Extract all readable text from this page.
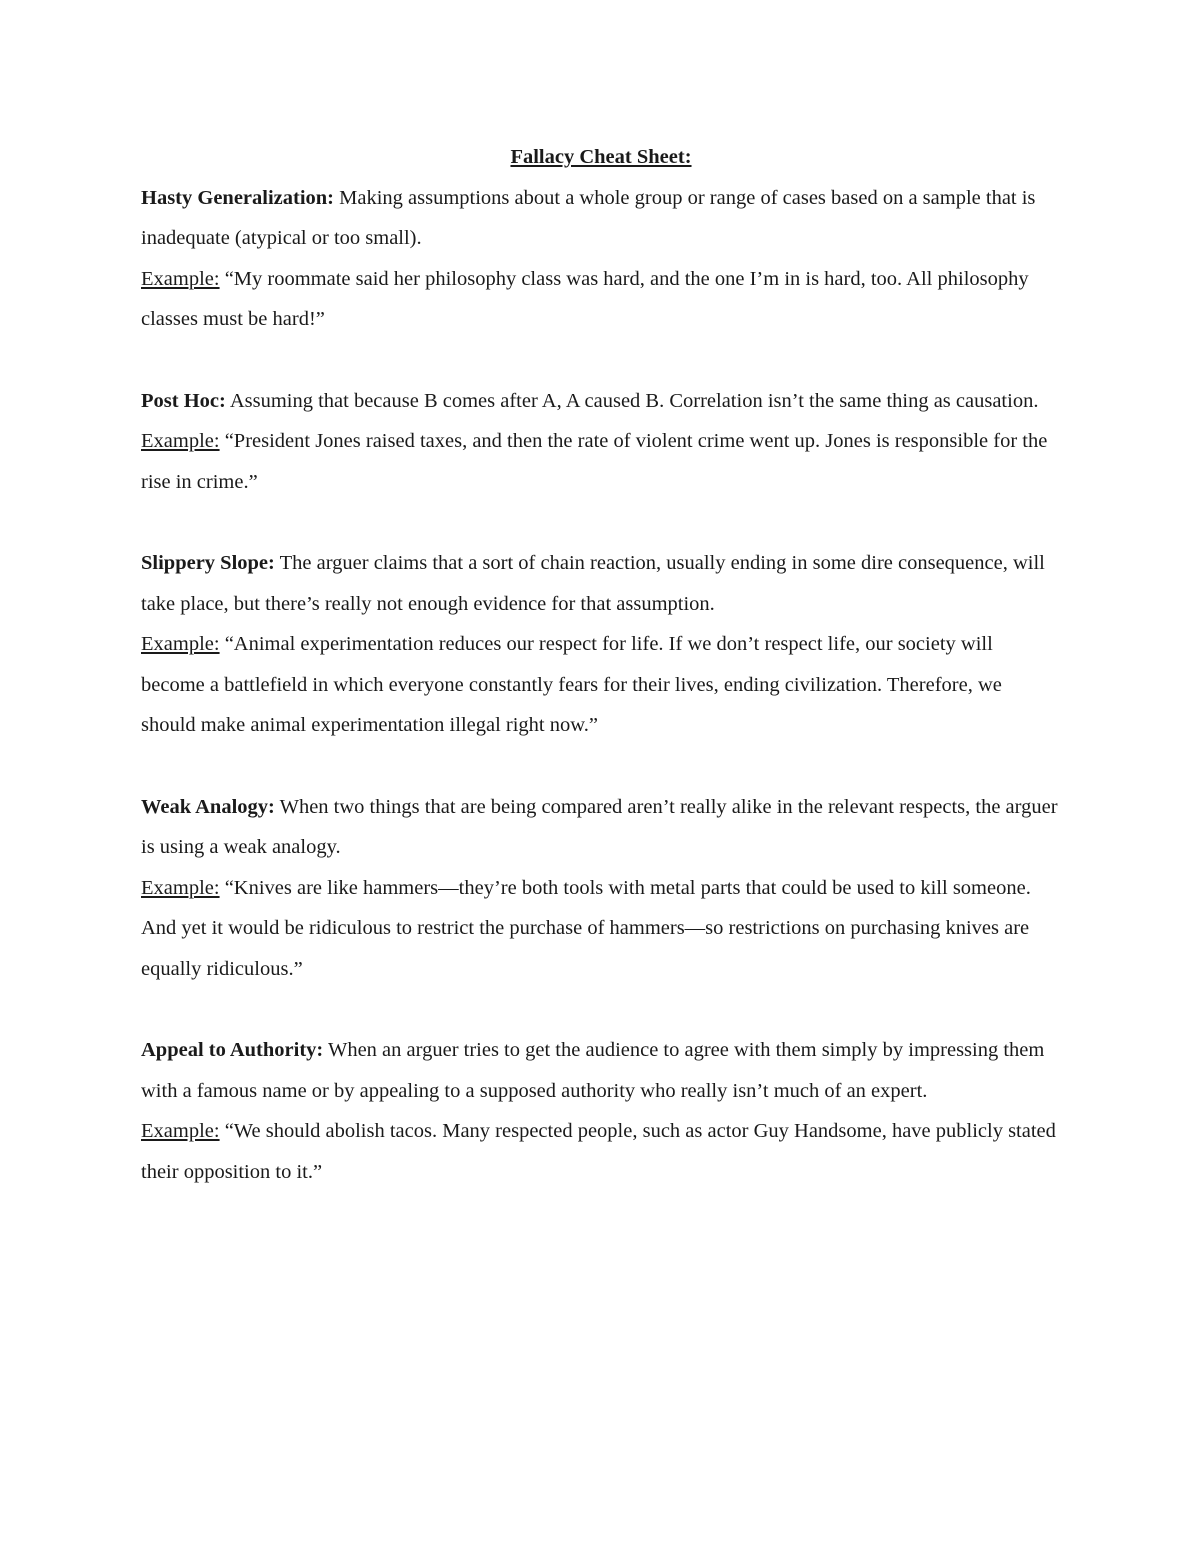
Fallacy Cheat Sheet:

Hasty Generalization: Making assumptions about a whole group or range of cases based on a sample that is inadequate (atypical or too small).

Example: “My roommate said her philosophy class was hard, and the one I’m in is hard, too. All philosophy classes must be hard!”

Post Hoc: Assuming that because B comes after A, A caused B. Correlation isn’t the same thing as causation.

Example: “President Jones raised taxes, and then the rate of violent crime went up. Jones is responsible for the rise in crime.”

Slippery Slope: The arguer claims that a sort of chain reaction, usually ending in some dire consequence, will take place, but there’s really not enough evidence for that assumption.

Example: “Animal experimentation reduces our respect for life. If we don’t respect life, our society will become a battlefield in which everyone constantly fears for their lives, ending civilization. Therefore, we should make animal experimentation illegal right now.”

Weak Analogy: When two things that are being compared aren’t really alike in the relevant respects, the arguer is using a weak analogy.

Example: “Knives are like hammers—they’re both tools with metal parts that could be used to kill someone. And yet it would be ridiculous to restrict the purchase of hammers—so restrictions on purchasing knives are equally ridiculous.”

Appeal to Authority: When an arguer tries to get the audience to agree with them simply by impressing them with a famous name or by appealing to a supposed authority who really isn’t much of an expert.

Example: “We should abolish tacos. Many respected people, such as actor Guy Handsome, have publicly stated their opposition to it.”
